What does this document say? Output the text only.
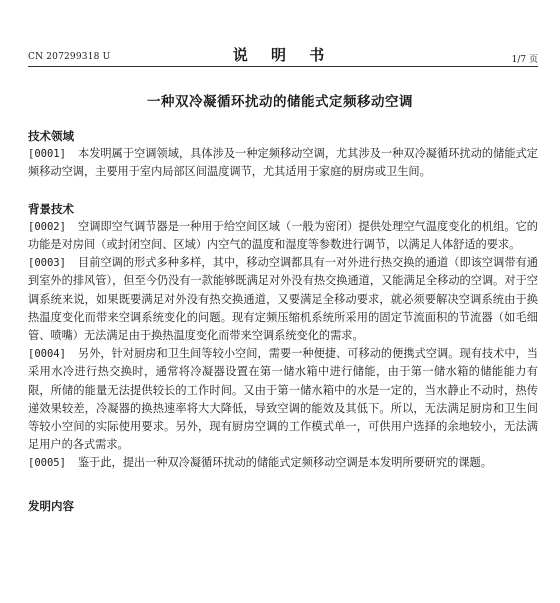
CN 207299318 U	说 明 书	1/7 页
一种双冷凝循环扰动的储能式定频移动空调
技术领域

[0001] 本发明属于空调领域，具体涉及一种定频移动空调，尤其涉及一种双冷凝循环扰动的储能式定频移动空调，主要用于室内局部区间温度调节，尤其适用于家庭的厨房或卫生间。

背景技术

[0002] 空调即空气调节器是一种用于给空间区域（一般为密闭）提供处理空气温度变化的机组。它的功能是对房间（或封闭空间、区域）内空气的温度和湿度等参数进行调节，以满足人体舒适的要求。

[0003] 目前空调的形式多种多样，其中，移动空调都具有一对外进行热交换的通道（即该空调带有通到室外的排风管），但至今仍没有一款能够既满足对外没有热交换通道，又能满足全移动的空调。对于空调系统来说，如果既要满足对外没有热交换通道，又要满足全移动要求，就必须要解决空调系统由于换热温度变化而带来空调系统变化的问题。现有定频压缩机系统所采用的固定节流面积的节流器（如毛细管、喷嘴）无法满足由于换热温度变化而带来空调系统变化的需求。

[0004] 另外，针对厨房和卫生间等较小空间，需要一种便捷、可移动的便携式空调。现有技术中，当采用水冷进行热交换时，通常将冷凝器设置在第一储水箱中进行储能，由于第一储水箱的储能能力有限，所储的能量无法提供较长的工作时间。又由于第一储水箱中的水是一定的，当水静止不动时，热传递效果较差，冷凝器的换热速率将大大降低，导致空调的能效及其低下。所以，无法满足厨房和卫生间等较小空间的实际使用要求。另外，现有厨房空调的工作模式单一，可供用户选择的余地较小，无法满足用户的各式需求。

[0005] 鉴于此，提出一种双冷凝循环扰动的储能式定频移动空调是本发明所要研究的课题。

发明内容
